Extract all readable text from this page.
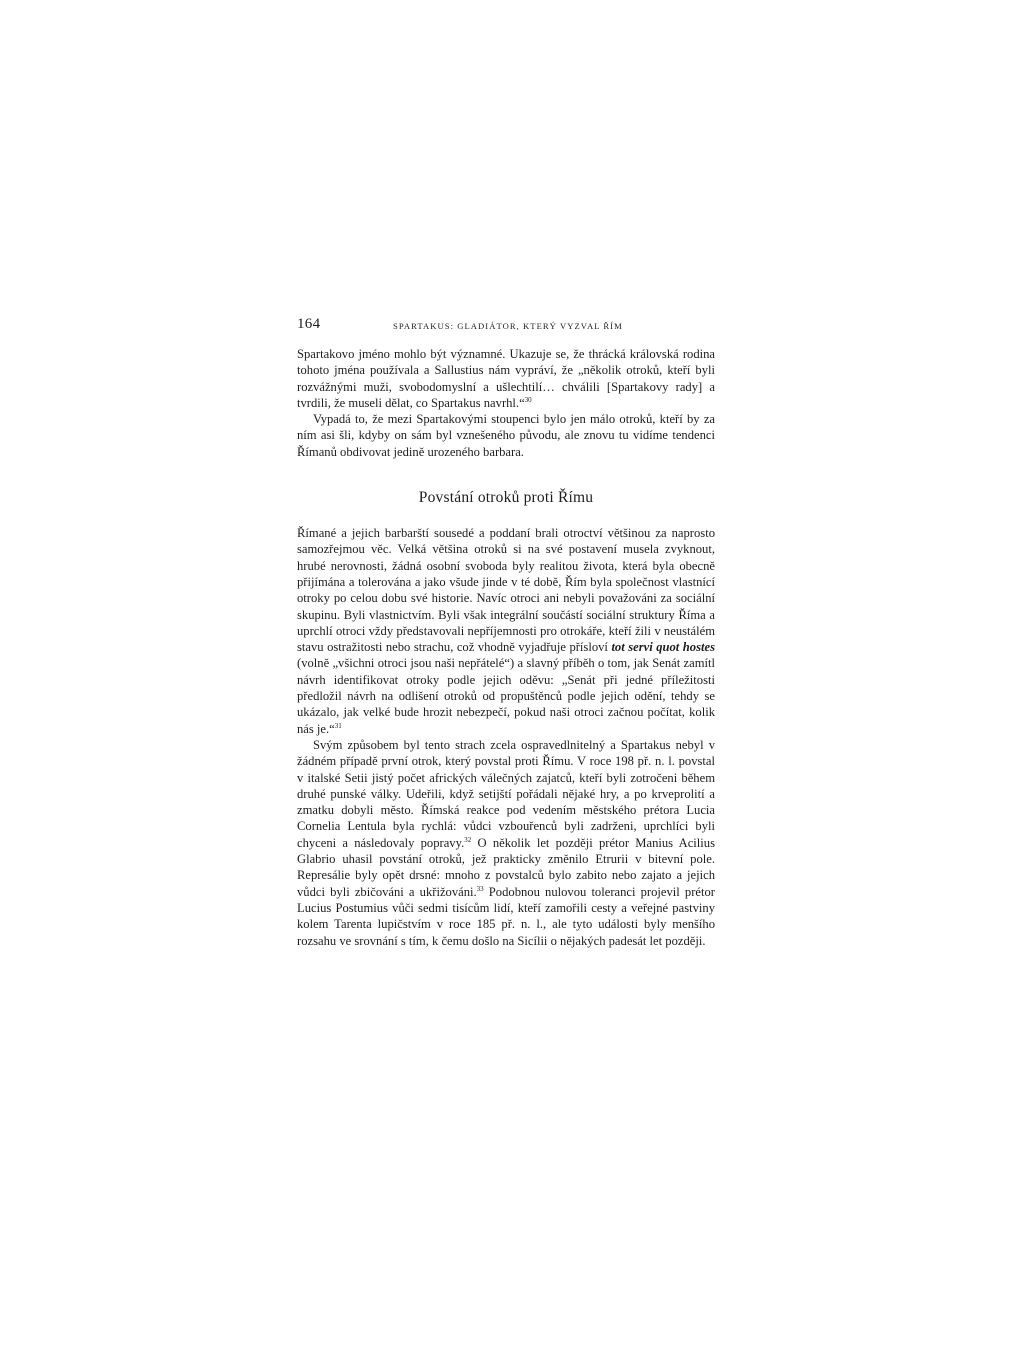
164	SPARTAKUS: GLADIÁTOR, KTERÝ VYZVAL ŘÍM

Spartakovo jméno mohlo být významné. Ukazuje se, že thrácká královská rodina tohoto jména používala a Sallustius nám vypráví, že „několik otroků, kteří byli rozvážnými muži, svobodomyslní a ušlechtilí… chválili [Spartakovy rady] a tvrdili, že museli dělat, co Spartakus navrhl.“$^{30}$

Vypadá to, že mezi Spartakovými stoupenci bylo jen málo otroků, kteří by za ním asi šli, kdyby on sám byl vznešeného původu, ale znovu tu vidíme tendenci Římanů obdivovat jedině urozeného barbara.

Povstání otroků proti Římu

Římané a jejich barbarští sousedé a poddaní brali otroctví většinou za naprosto samozřejmou věc. Velká většina otroků si na své postavení musela zvyknout, hrubé nerovnosti, žádná osobní svoboda byly realitou života, která byla obecně přijímána a tolerována a jako všude jinde v té době, Řím byla společnost vlastnící otroky po celou dobu své historie. Navíc otroci ani nebyli považováni za sociální skupinu. Byli vlastnictvím. Byli však integrální součástí sociální struktury Říma a uprchlí otroci vždy představovali nepříjemnosti pro otrokáře, kteří žili v neustálém stavu ostražitosti nebo strachu, což vhodně vyjadřuje přísloví tot servi quot hostes (volně „všichni otroci jsou naši nepřátelé“) a slavný příběh o tom, jak Senát zamítl návrh identifikovat otroky podle jejich oděvu: „Senát při jedné příležitosti předložil návrh na odlišení otroků od propuštěnců podle jejich odění, tehdy se ukázalo, jak velké bude hrozit nebezpečí, pokud naši otroci začnou počítat, kolik nás je.“$^{31}$

Svým způsobem byl tento strach zcela ospravedlnitelný a Spartakus nebyl v žádném případě první otrok, který povstal proti Římu. V roce 198 př. n. l. povstal v italské Setii jistý počet afrických válečných zajatců, kteří byli zotročeni během druhé punské války. Udeřili, když setijští pořádali nějaké hry, a po krveprolití a zmatku dobyli město. Římská reakce pod vedením městského prétora Lucia Cornelia Lentula byla rychlá: vůdci vzbouřenců byli zadrženi, uprchlíci byli chyceni a následovaly popravy.$^{32}$ O několik let později prétor Manius Acilius Glabrio uhasil povstání otroků, jež prakticky změnilo Etrurii v bitevní pole. Represálie byly opět drsné: mnoho z povstalců bylo zabito nebo zajato a jejich vůdci byli zbičováni a ukřižováni.$^{33}$ Podobnou nulovou toleranci projevil prétor Lucius Postumius vůči sedmi tisícům lidí, kteří zamořili cesty a veřejné pastviny kolem Tarenta lupičstvím v roce 185 př. n. l., ale tyto události byly menšího rozsahu ve srovnání s tím, k čemu došlo na Sicílii o nějakých padesát let později.
